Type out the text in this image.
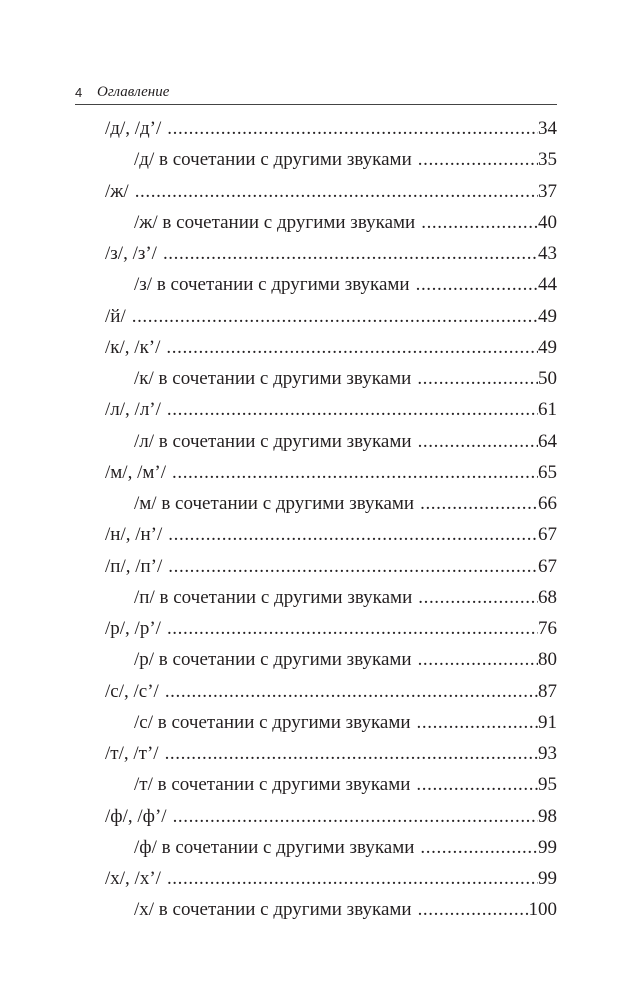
4 Оглавление
/д/, /д’/ .....	34
/д/ в сочетании с другими звуками .....	35
/ж/ .....	37
/ж/ в сочетании с другими звуками .....	40
/з/, /з’/ .....	43
/з/ в сочетании с другими звуками .....	44
/й/ .....	49
/к/, /к’/ .....	49
/к/ в сочетании с другими звуками .....	50
/л/, /л’/ .....	61
/л/ в сочетании с другими звуками .....	64
/м/, /м’/ .....	65
/м/ в сочетании с другими звуками .....	66
/н/, /н’/ .....	67
/п/, /п’/ .....	67
/п/ в сочетании с другими звуками .....	68
/р/, /р’/ .....	76
/р/ в сочетании с другими звуками .....	80
/с/, /с’/ .....	87
/с/ в сочетании с другими звуками .....	91
/т/, /т’/ .....	93
/т/ в сочетании с другими звуками .....	95
/ф/, /ф’/ .....	98
/ф/ в сочетании с другими звуками .....	99
/х/, /х’/ .....	99
/х/ в сочетании с другими звуками .....	100
